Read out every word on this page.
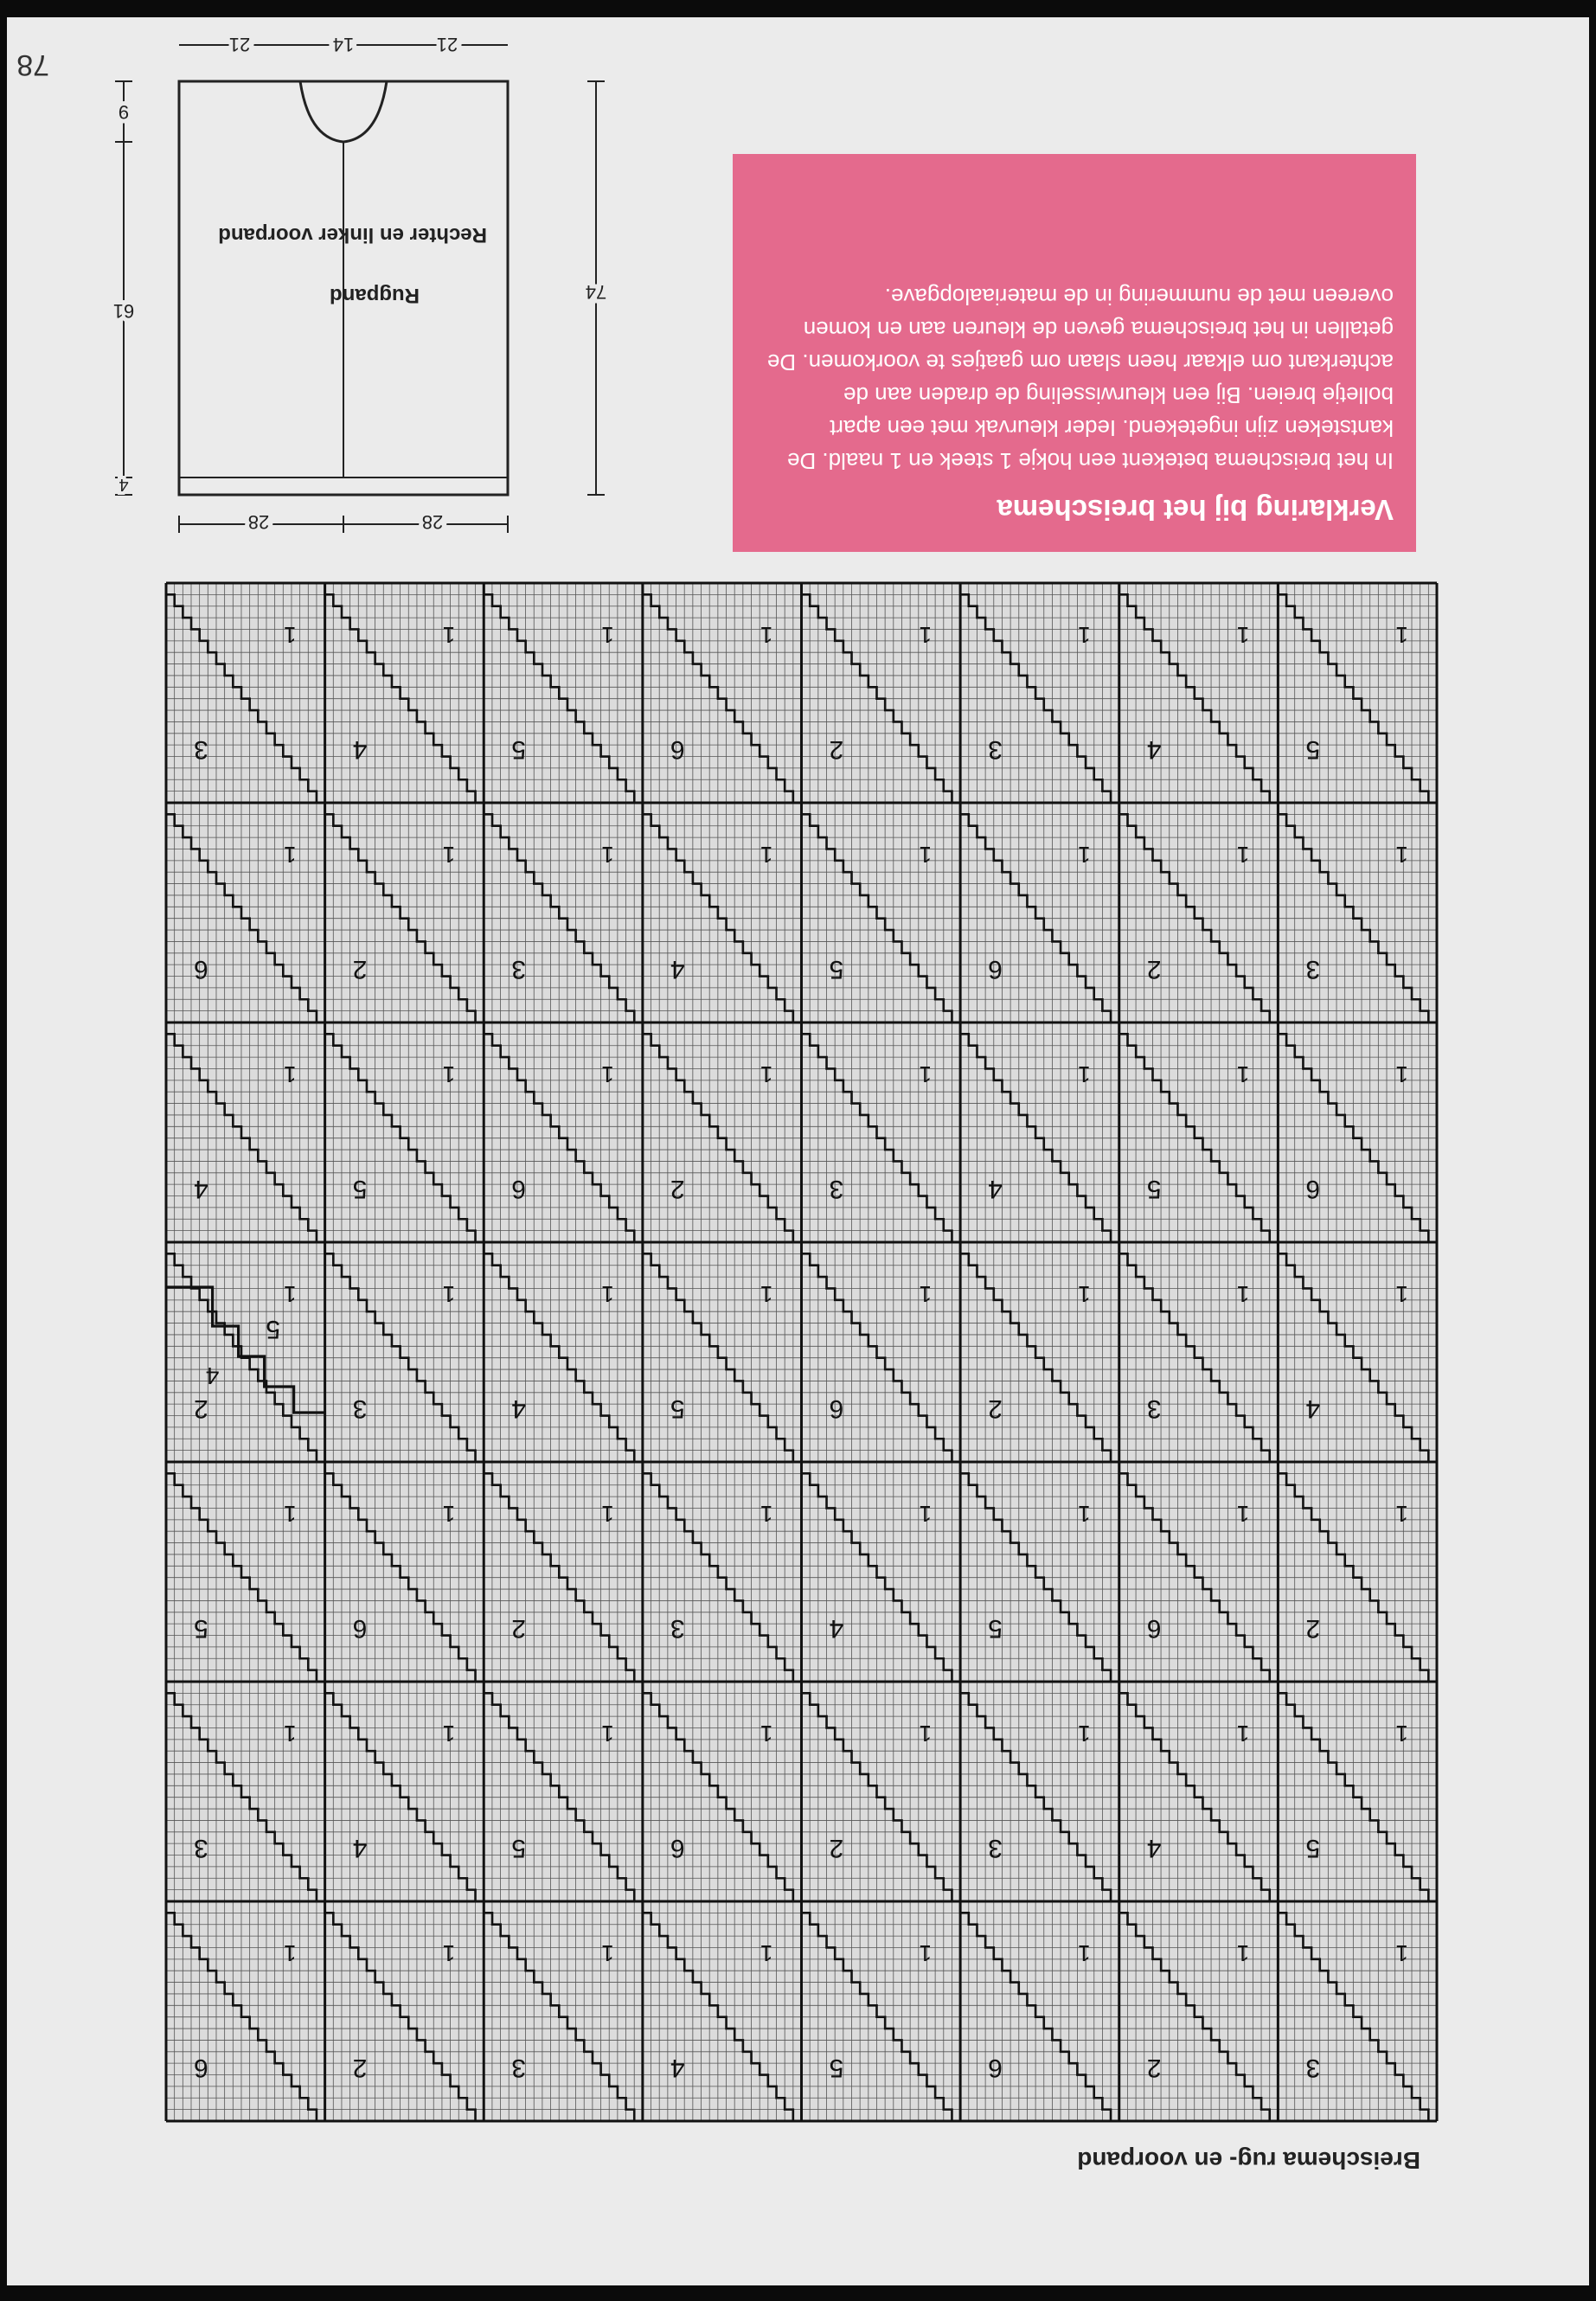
78
Verklaring bij het breischema
In het breischema betekent een hokje 1 steek en 1 naald. De kantsteken zijn ingetekend. Ieder kleurvak met een apart bolletje breien. Bij een kleurwisseling de draden aan de achterkant om elkaar heen slaan om gaatjes te voorkomen. De getallen in het breischema geven de kleuren aan en komen overeen met de nummering in de materiaalopgave.
Rugpand
Rechter en linker voorpand
28
28
74
4
61
9
21
14
21
Breischema rug- en voorpand
3
1
2
1
6
1
5
1
4
1
3
1
2
1
6
1
5
1
4
1
3
1
2
1
6
1
5
1
4
1
3
1
2
1
6
1
5
1
4
1
3
1
2
1
6
1
5
1
4
1
3
1
2
1
6
1
5
1
4
1
3
1
2
1
6
1
5
1
4
1
3
1
2
1
6
1
5
1
4
1
3
1
2
1
6
1
5
1
4
1
3
1
2
1
6
1
5
1
4
1
3
1
2
1
6
1
5
1
4
1
3
1
5
4
